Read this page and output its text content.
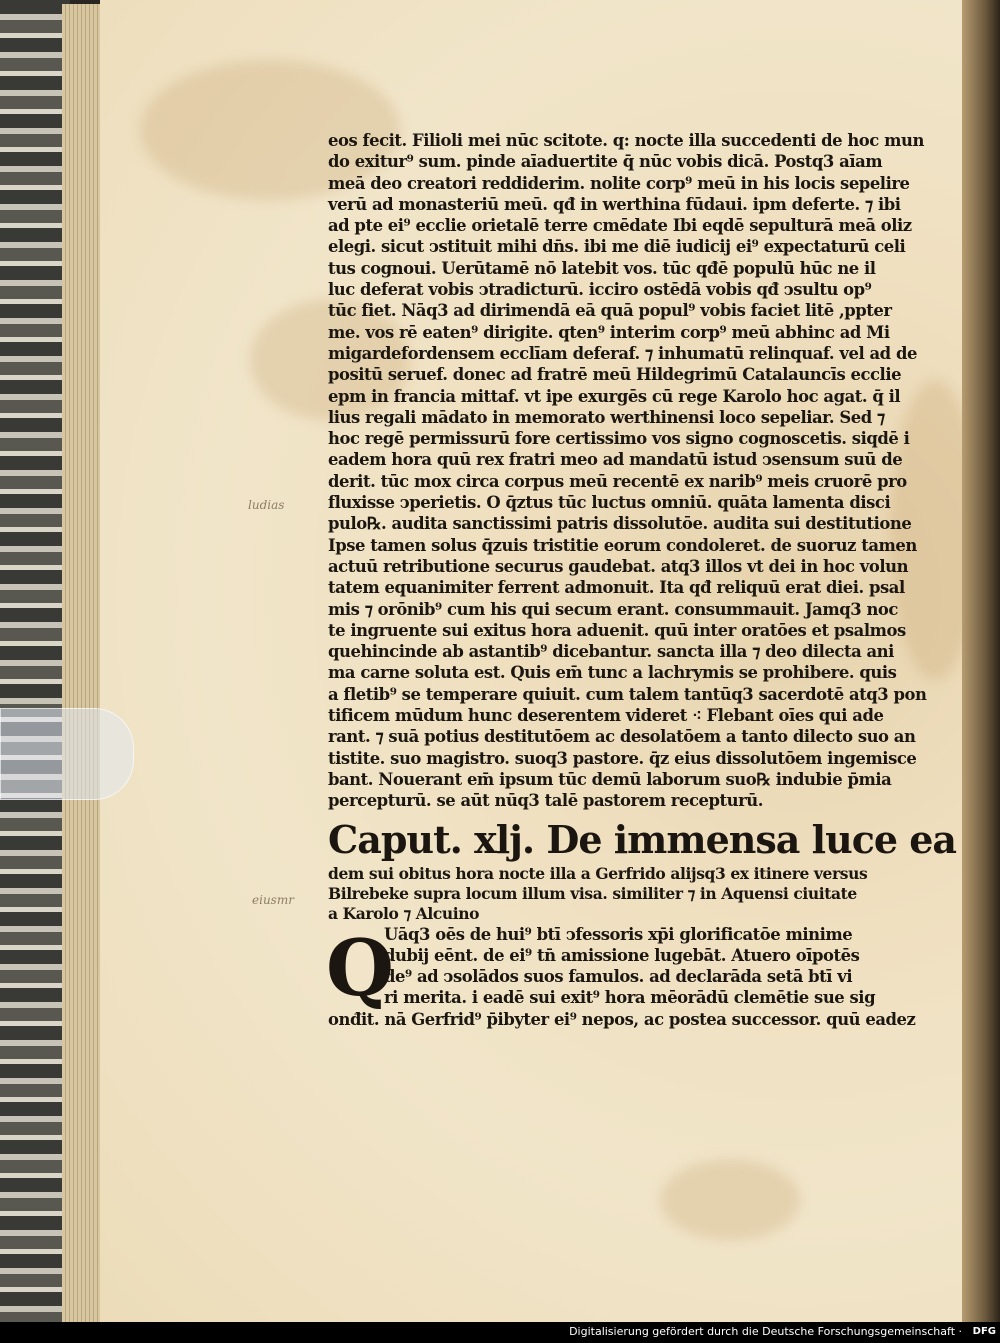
ludias
eiusmr
eos fecit. Filioli mei nūc scitote. q: nocte illa succedenti de hoc mun
do exitur⁹ sum. pinde aīaduertite q̄ nūc vobis dicā. Postq3 aīam
meā deo creatori reddiderim. nolite corp⁹ meū in his locis sepelire
verū ad monasteriū meū. qđ in werthina fūdaui. ipm deferte. ⁊ ibi
ad pte ei⁹ ecclie orietalē terre cmēdate Ibi eqdē sepulturā meā oliz
elegi. sicut ↄstituit mihi dn̄s. ibi me diē iudicij ei⁹ expectaturū celi
tus cognoui. Uerūtamē nō latebit vos. tūc qđē populū hūc ne il
luc deferat vobis ↄtradicturū. icciro ostēdā vobis qđ ↄsultu op⁹
tūc fiet. Nāq3 ad dirimendā eā quā popul⁹ vobis faciet litē ,ppter
me. vos rē eaten⁹ dirigite. qten⁹ interim corp⁹ meū abhinc ad Mi
migardefordensem ecclīam deferaf. ⁊ inhumatū relinquaf. vel ad de
positū seruef. donec ad fratrē meū Hildegrimū Catalauncīs ecclie
epm in francia mittaf. vt ipe exurgēs cū rege Karolo hoc agat. q̄ il
lius regali mādato in memorato werthinensi loco sepeliar. Sed ⁊
hoc regē permissurū fore certissimo vos signo cognoscetis. siqdē i
eadem hora quū rex fratri meo ad mandatū istud ↄsensum suū de
derit. tūc mox circa corpus meū recentē ex narib⁹ meis cruorē pro
fluxisse ↄperietis. O q̄ztus tūc luctus omniū. quāta lamenta disci
pulo℞. audita sanctissimi patris dissolutōe. audita sui destitutione
Ipse tamen solus q̄zuis tristitie eorum condoleret. de suoruz tamen
actuū retributione securus gaudebat. atq3 illos vt dei in hoc volun
tatem equanimiter ferrent admonuit. Ita qđ reliquū erat diei. psal
mis ⁊ orōnib⁹ cum his qui secum erant. consummauit. Jamq3 noc
te ingruente sui exitus hora aduenit. quū inter oratōes et psalmos
quehincinde ab astantib⁹ dicebantur. sancta illa ⁊ deo dilecta ani
ma carne soluta est. Quis em̄ tunc a lachrymis se prohibere. quis
a fletib⁹ se temperare quiuit. cum talem tantūq3 sacerdotē atq3 pon
tificem mūdum hunc deserentem videret ⁖ Flebant oīes qui ade
rant. ⁊ suā potius destitutōem ac desolatōem a tanto dilecto suo an
tistite. suo magistro. suoq3 pastore. q̄z eius dissolutōem ingemisce
bant. Nouerant em̄ ipsum tūc demū laborum suo℞ indubie p̄mia
percepturū. se aūt nūq3 talē pastorem recepturū.
Caput. xlj. De immensa luce ea
dem sui obitus hora nocte illa a Gerfrido alijsq3 ex itinere versus
Bilrebeke supra locum illum visa. similiter ⁊ in Aquensi ciuitate
a Karolo ⁊ Alcuino
Q
Uāq3 oēs de hui⁹ btī ↄfessoris xp̄i glorificatōe minime
dubij eēnt. de ei⁹ tn̄ amissione lugebāt. Atuero oīpotēs
de⁹ ad ↄsolādos suos famulos. ad declarāda setā btī vi
ri merita. i eadē sui exit⁹ hora mēorādū clemētie sue sig
onđit. nā Gerfrid⁹ p̄ibyter ei⁹ nepos, ac postea successor. quū eadez
Digitalisierung gefördert durch die Deutsche Forschungsgemeinschaft · DFG
